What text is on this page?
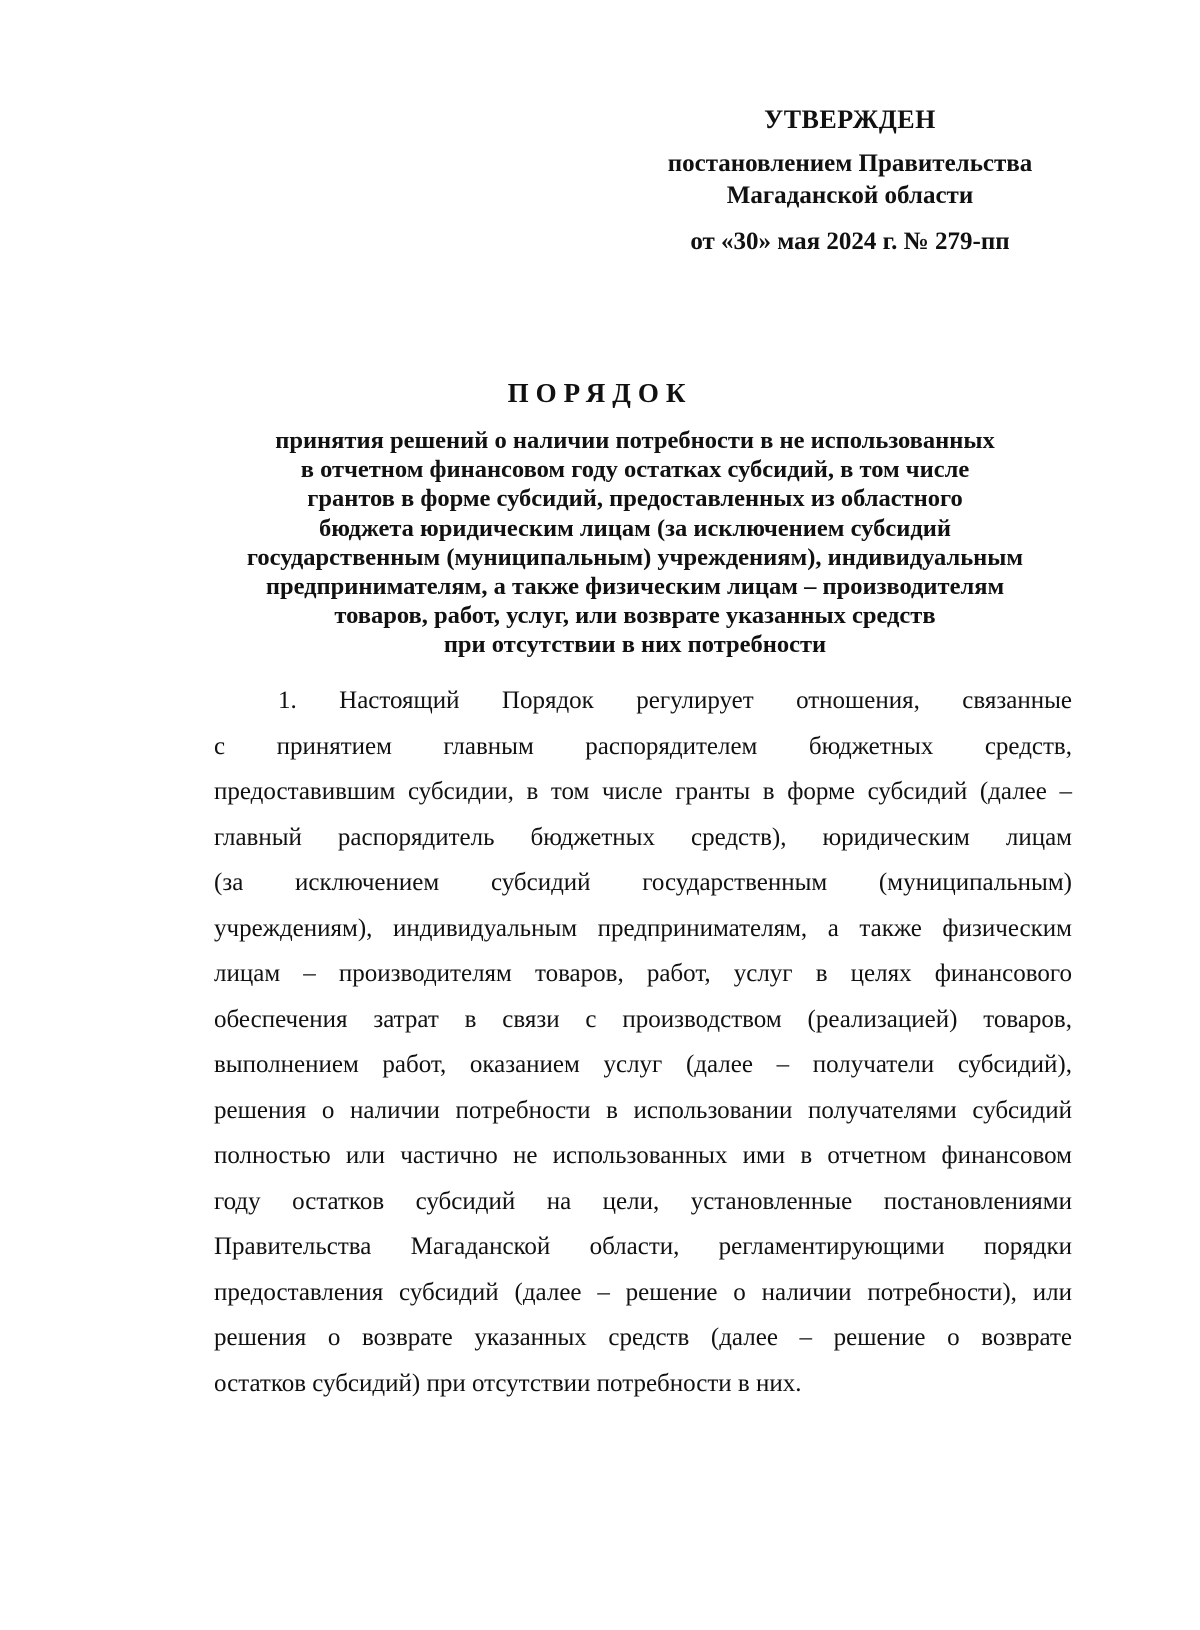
УТВЕРЖДЕН
постановлением Правительства
Магаданской области
от «30» мая 2024 г. № 279-пп
ПОРЯДОК
принятия решений о наличии потребности в не использованных
в отчетном финансовом году остатках субсидий, в том числе
грантов в форме субсидий, предоставленных из областного
бюджета юридическим лицам (за исключением субсидий
государственным (муниципальным) учреждениям), индивидуальным
предпринимателям, а также физическим лицам – производителям
товаров, работ, услуг, или возврате указанных средств
при отсутствии в них потребности
1. Настоящий Порядок регулирует отношения, связанные
с принятием главным распорядителем бюджетных средств,
предоставившим субсидии, в том числе гранты в форме субсидий (далее –
главный распорядитель бюджетных средств), юридическим лицам
(за исключением субсидий государственным (муниципальным)
учреждениям), индивидуальным предпринимателям, а также физическим
лицам – производителям товаров, работ, услуг в целях финансового
обеспечения затрат в связи с производством (реализацией) товаров,
выполнением работ, оказанием услуг (далее – получатели субсидий),
решения о наличии потребности в использовании получателями субсидий
полностью или частично не использованных ими в отчетном финансовом
году остатков субсидий на цели, установленные постановлениями
Правительства Магаданской области, регламентирующими порядки
предоставления субсидий (далее – решение о наличии потребности), или
решения о возврате указанных средств (далее – решение о возврате
остатков субсидий) при отсутствии потребности в них.
